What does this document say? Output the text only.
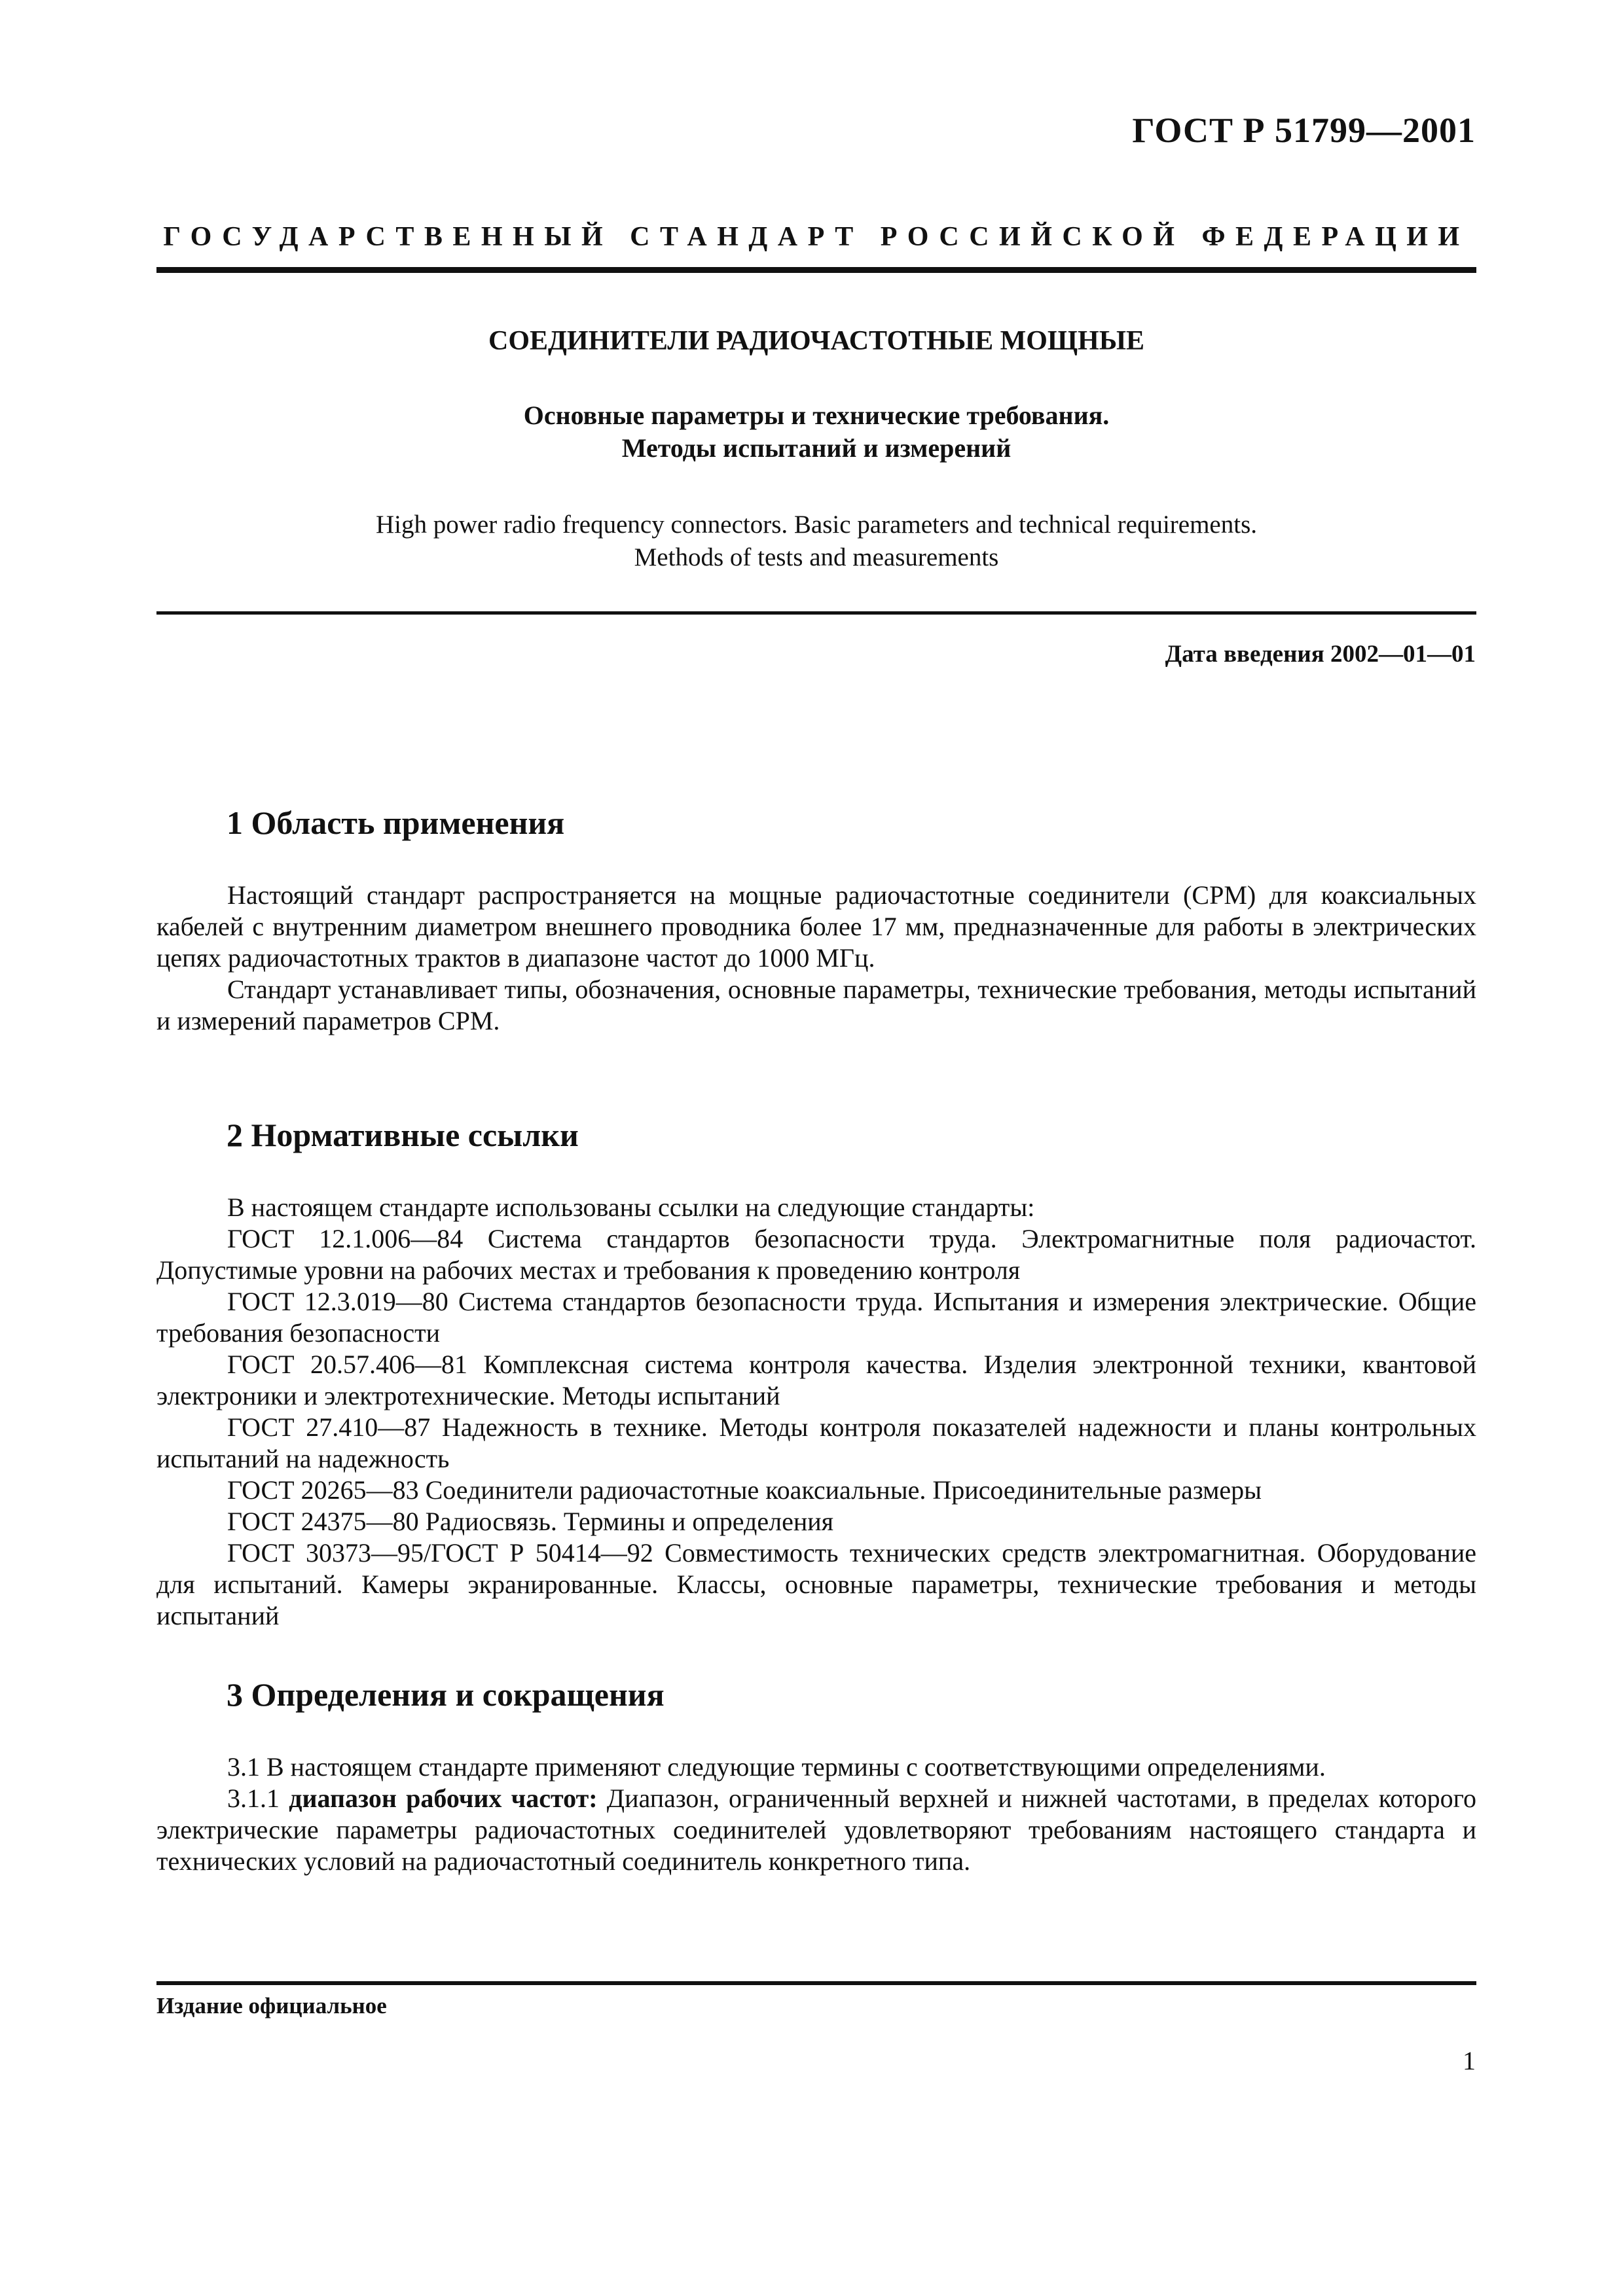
ГОСТ Р 51799—2001
ГОСУДАРСТВЕННЫЙ СТАНДАРТ РОССИЙСКОЙ ФЕДЕРАЦИИ
СОЕДИНИТЕЛИ РАДИОЧАСТОТНЫЕ МОЩНЫЕ
Основные параметры и технические требования.
Методы испытаний и измерений
High power radio frequency connectors. Basic parameters and technical requirements.
Methods of tests and measurements
Дата введения 2002—01—01
1 Область применения

Настоящий стандарт распространяется на мощные радиочастотные соединители (СРМ) для коаксиальных кабелей с внутренним диаметром внешнего проводника более 17 мм, предназначенные для работы в электрических цепях радиочастотных трактов в диапазоне частот до 1000 МГц.

Стандарт устанавливает типы, обозначения, основные параметры, технические требования, методы испытаний и измерений параметров СРМ.

2 Нормативные ссылки

В настоящем стандарте использованы ссылки на следующие стандарты:

ГОСТ 12.1.006—84 Система стандартов безопасности труда. Электромагнитные поля радиочастот. Допустимые уровни на рабочих местах и требования к проведению контроля

ГОСТ 12.3.019—80 Система стандартов безопасности труда. Испытания и измерения электрические. Общие требования безопасности

ГОСТ 20.57.406—81 Комплексная система контроля качества. Изделия электронной техники, квантовой электроники и электротехнические. Методы испытаний

ГОСТ 27.410—87 Надежность в технике. Методы контроля показателей надежности и планы контрольных испытаний на надежность

ГОСТ 20265—83 Соединители радиочастотные коаксиальные. Присоединительные размеры

ГОСТ 24375—80 Радиосвязь. Термины и определения

ГОСТ 30373—95/ГОСТ Р 50414—92 Совместимость технических средств электромагнитная. Оборудование для испытаний. Камеры экранированные. Классы, основные параметры, технические требования и методы испытаний

3 Определения и сокращения

3.1 В настоящем стандарте применяют следующие термины с соответствующими определениями.

3.1.1 диапазон рабочих частот: Диапазон, ограниченный верхней и нижней частотами, в пределах которого электрические параметры радиочастотных соединителей удовлетворяют требованиям настоящего стандарта и технических условий на радиочастотный соединитель конкретного типа.

Издание официальное
1
